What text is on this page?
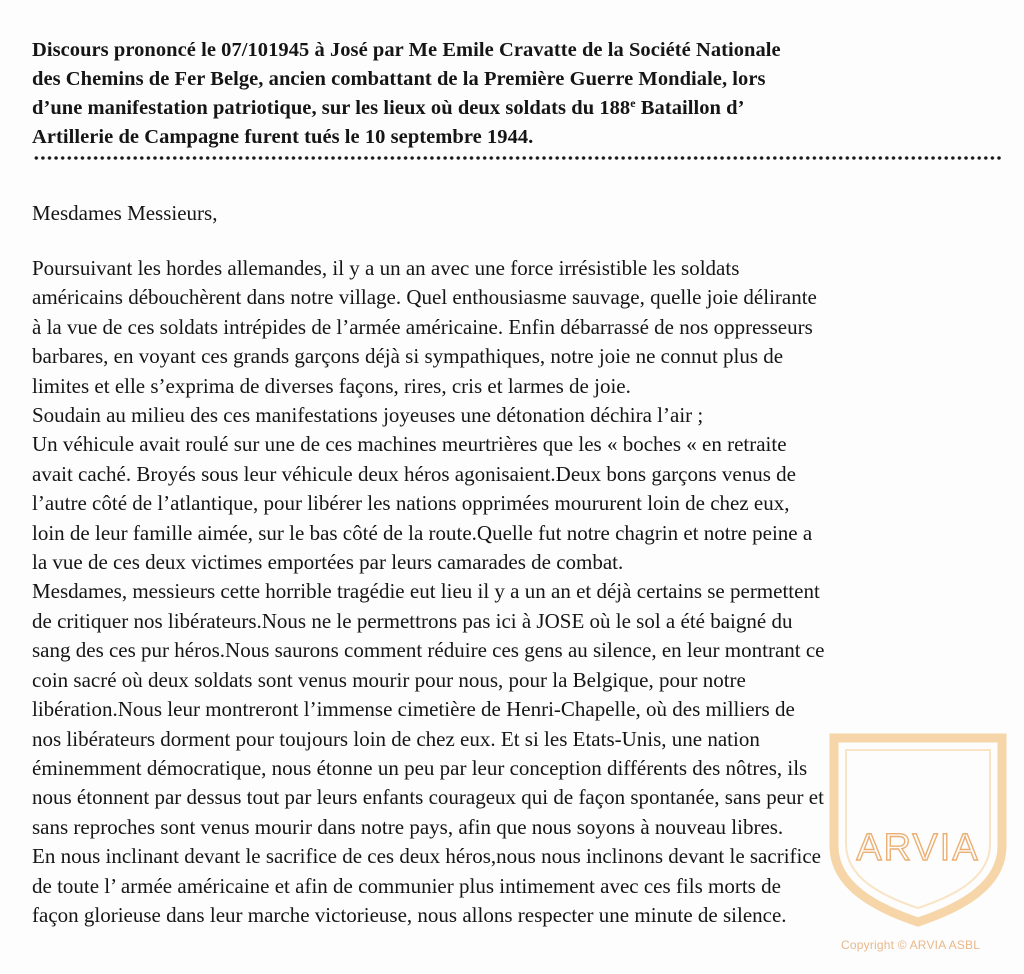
Discours prononcé le 07/101945 à José par Me Emile Cravatte de la Société Nationale
des Chemins de Fer Belge, ancien combattant de la Première Guerre Mondiale, lors
d’une manifestation patriotique, sur les lieux où deux soldats du 188e Bataillon d’
Artillerie de Campagne furent tués le 10 septembre 1944.
Mesdames Messieurs,
Poursuivant les hordes allemandes, il y a un an avec une force irrésistible les soldats
américains débouchèrent dans notre village. Quel enthousiasme sauvage, quelle joie délirante
à la vue de ces soldats intrépides de l’armée américaine. Enfin débarrassé de nos oppresseurs
barbares, en voyant ces grands garçons déjà si sympathiques, notre joie ne connut plus de
limites et elle s’exprima de diverses façons, rires, cris et larmes de joie.
Soudain au milieu des ces manifestations joyeuses une détonation déchira l’air ;
Un véhicule avait roulé sur une de ces machines meurtrières que les « boches « en retraite
avait caché. Broyés sous leur véhicule deux héros agonisaient.Deux bons garçons venus de
l’autre côté de l’atlantique, pour libérer les nations opprimées moururent loin de chez eux,
loin de leur famille aimée, sur le bas côté de la route.Quelle fut notre chagrin et notre peine a
la vue de ces deux victimes emportées par leurs camarades de combat.
Mesdames, messieurs cette horrible tragédie eut lieu il y a un an et déjà certains se permettent
de critiquer nos libérateurs.Nous ne le permettrons pas ici à JOSE où le sol a été baigné du
sang des ces pur héros.Nous saurons comment réduire ces gens au silence, en leur montrant ce
coin sacré où deux soldats sont venus mourir pour nous, pour la Belgique, pour notre
libération.Nous leur montreront l’immense cimetière de Henri-Chapelle, où des milliers de
nos libérateurs dorment pour toujours loin de chez eux. Et si les Etats-Unis, une nation
éminemment démocratique, nous étonne un peu par leur conception différents des nôtres, ils
nous étonnent par dessus tout par leurs enfants courageux qui de façon spontanée, sans peur et
sans reproches sont venus mourir dans notre pays, afin que nous soyons à nouveau libres.
En nous inclinant devant le sacrifice de ces deux héros,nous nous inclinons devant le sacrifice
de toute l’ armée américaine et afin de communier plus intimement avec ces fils morts de
façon glorieuse dans leur marche victorieuse, nous allons respecter une minute de silence.
ARVIA
Copyright © ARVIA ASBL
